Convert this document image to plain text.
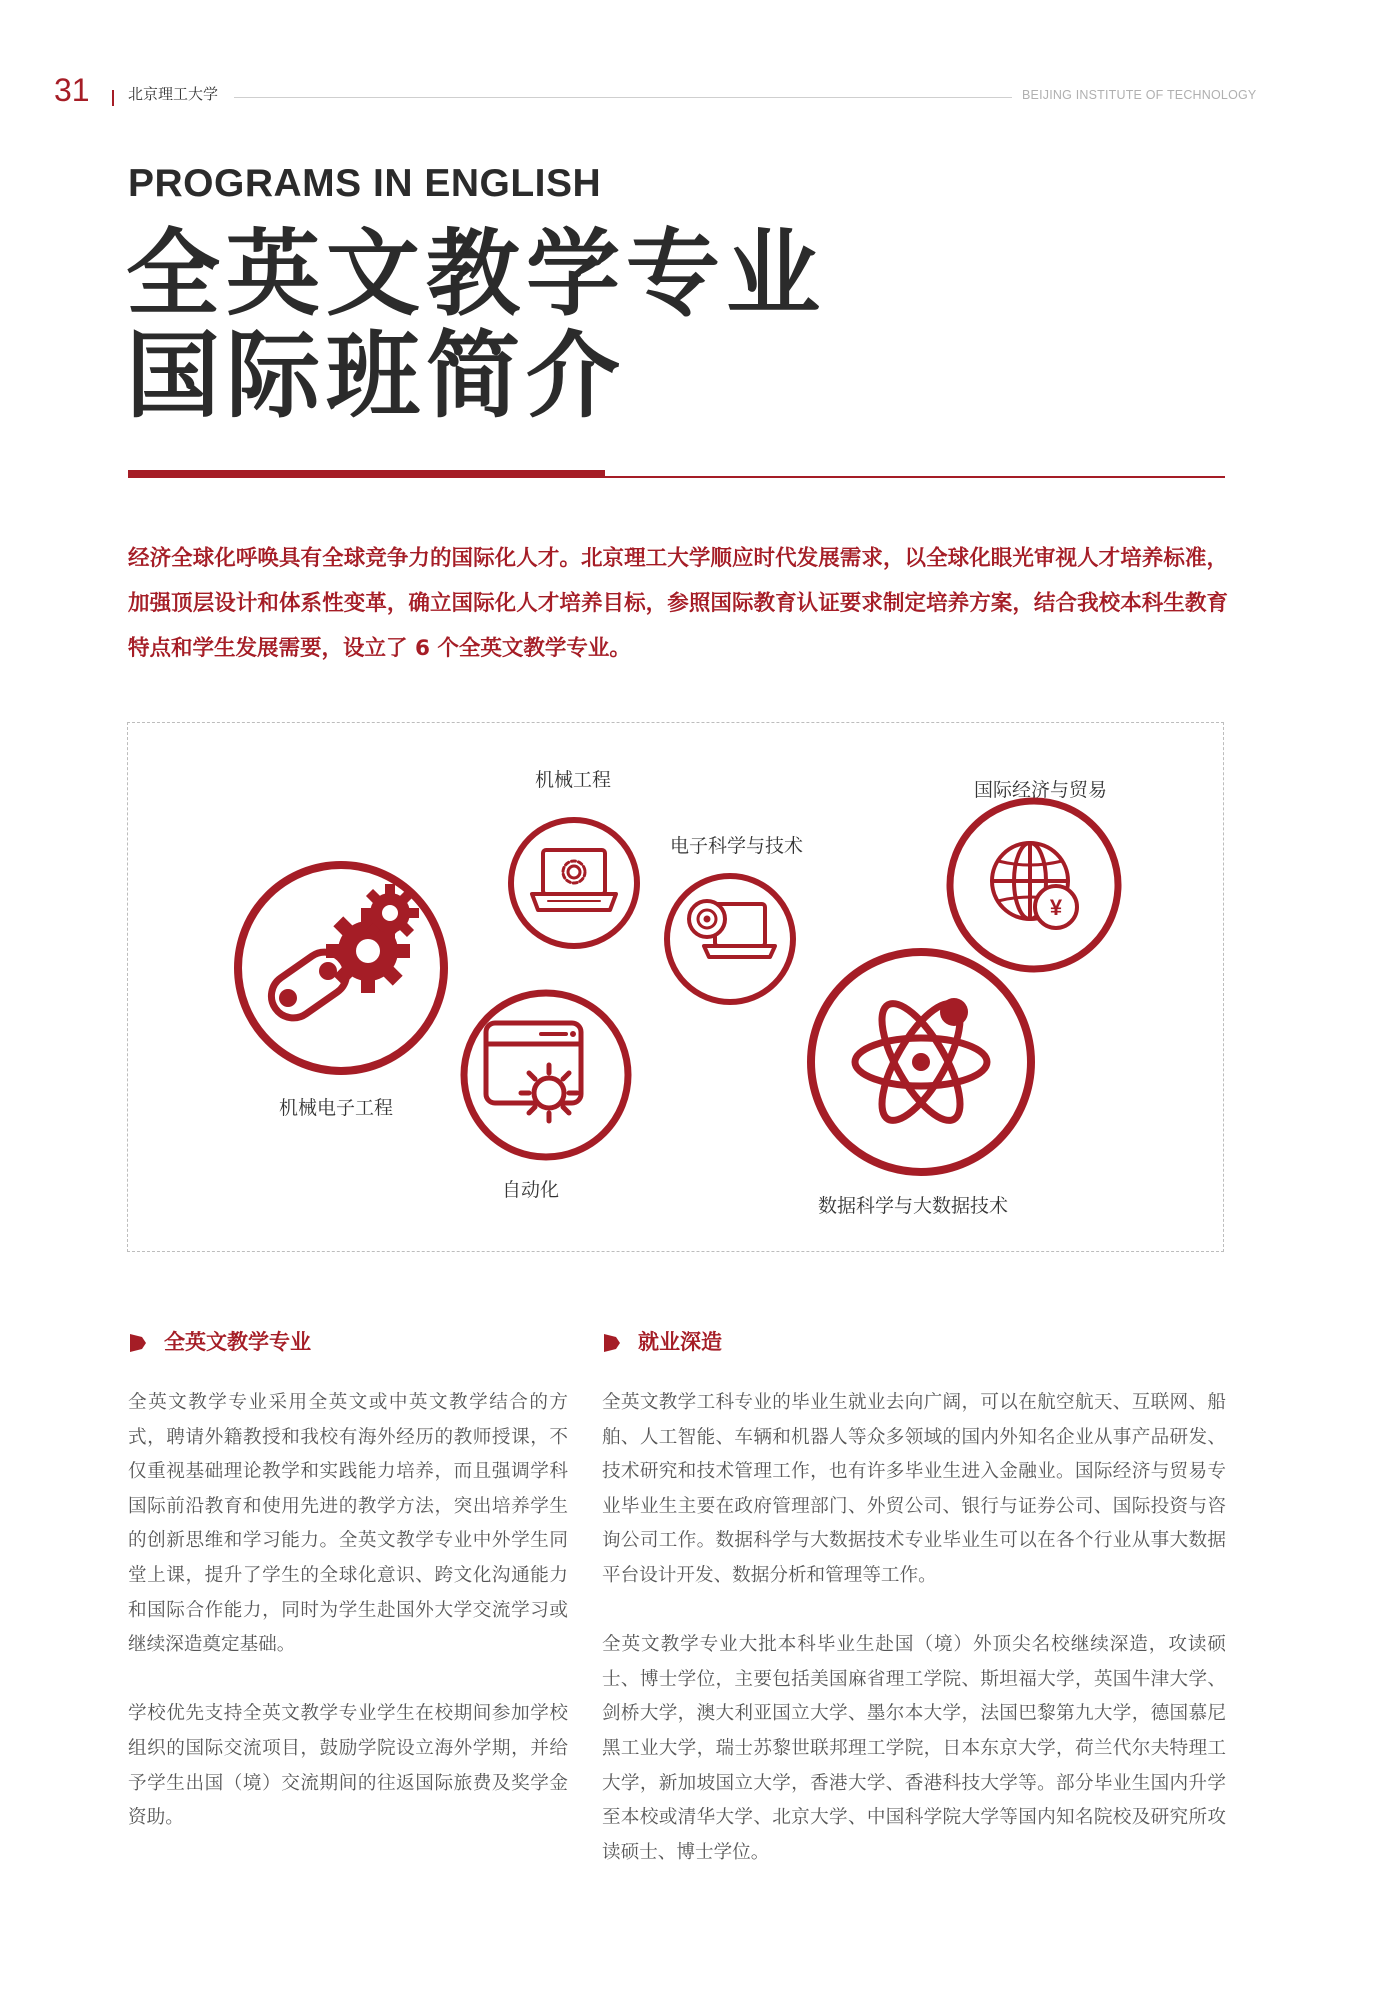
31	北京理工大学	BEIJING INSTITUTE OF TECHNOLOGY
PROGRAMS IN ENGLISH
全英文教学专业
国际班简介
经济全球化呼唤具有全球竞争力的国际化人才。北京理工大学顺应时代发展需求，以全球化眼光审视人才培养标准，加强顶层设计和体系性变革，确立国际化人才培养目标，参照国际教育认证要求制定培养方案，结合我校本科生教育特点和学生发展需要，设立了 6 个全英文教学专业。
¥
机械电子工程
机械工程
自动化
电子科学与技术
数据科学与大数据技术
国际经济与贸易
全英文教学专业

全英文教学专业采用全英文或中英文教学结合的方式，聘请外籍教授和我校有海外经历的教师授课，不仅重视基础理论教学和实践能力培养，而且强调学科国际前沿教育和使用先进的教学方法，突出培养学生的创新思维和学习能力。全英文教学专业中外学生同堂上课，提升了学生的全球化意识、跨文化沟通能力和国际合作能力，同时为学生赴国外大学交流学习或继续深造奠定基础。

学校优先支持全英文教学专业学生在校期间参加学校组织的国际交流项目，鼓励学院设立海外学期，并给予学生出国（境）交流期间的往返国际旅费及奖学金资助。

就业深造

全英文教学工科专业的毕业生就业去向广阔，可以在航空航天、互联网、船舶、人工智能、车辆和机器人等众多领域的国内外知名企业从事产品研发、技术研究和技术管理工作，也有许多毕业生进入金融业。国际经济与贸易专业毕业生主要在政府管理部门、外贸公司、银行与证券公司、国际投资与咨询公司工作。数据科学与大数据技术专业毕业生可以在各个行业从事大数据平台设计开发、数据分析和管理等工作。

全英文教学专业大批本科毕业生赴国（境）外顶尖名校继续深造，攻读硕士、博士学位，主要包括美国麻省理工学院、斯坦福大学，英国牛津大学、剑桥大学，澳大利亚国立大学、墨尔本大学，法国巴黎第九大学，德国慕尼黑工业大学，瑞士苏黎世联邦理工学院，日本东京大学，荷兰代尔夫特理工大学，新加坡国立大学，香港大学、香港科技大学等。部分毕业生国内升学至本校或清华大学、北京大学、中国科学院大学等国内知名院校及研究所攻读硕士、博士学位。
